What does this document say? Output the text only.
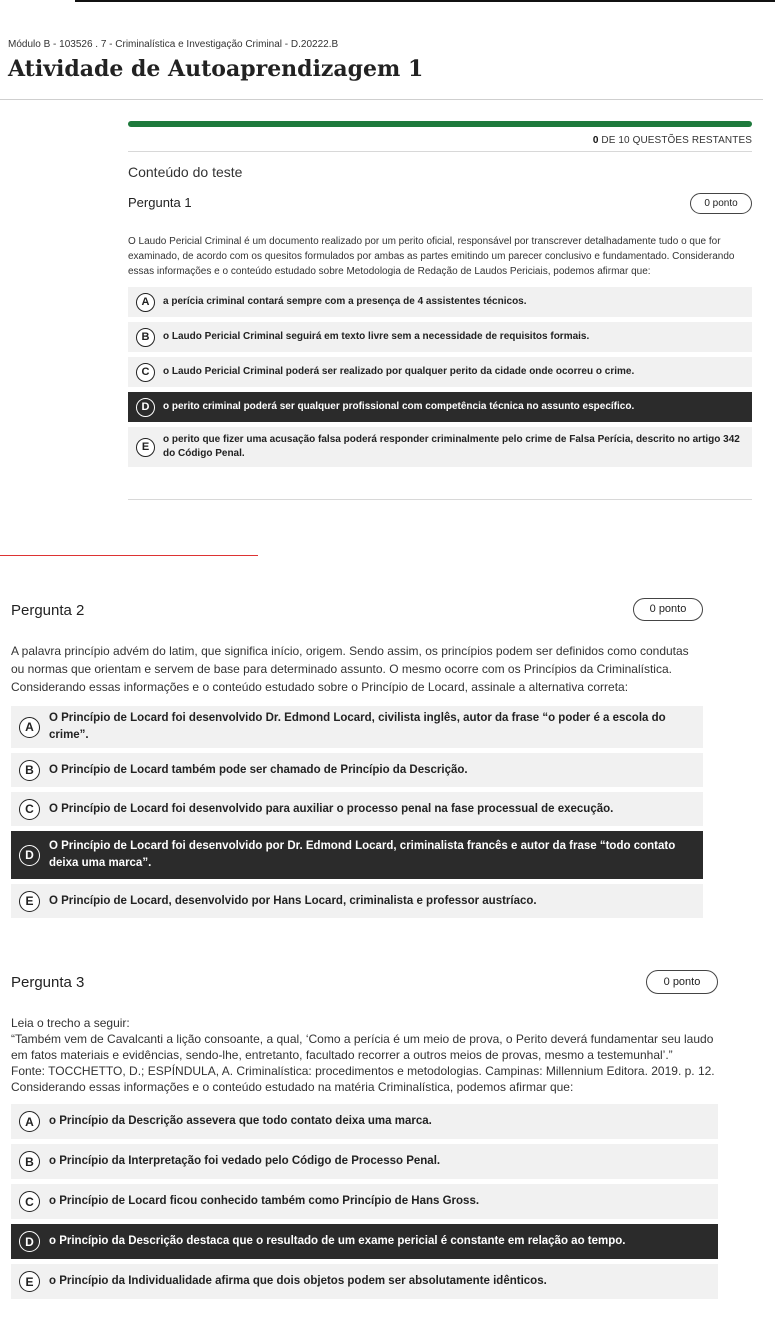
Módulo B - 103526 . 7 - Criminalística e Investigação Criminal - D.20222.B
Atividade de Autoaprendizagem 1
0 DE 10 QUESTÕES RESTANTES
Conteúdo do teste
Pergunta 1	0 ponto

O Laudo Pericial Criminal é um documento realizado por um perito oficial, responsável por transcrever detalhadamente tudo o que for examinado, de acordo com os quesitos formulados por ambas as partes emitindo um parecer conclusivo e fundamentado. Considerando essas informações e o conteúdo estudado sobre Metodologia de Redação de Laudos Periciais, podemos afirmar que:

A	a perícia criminal contará sempre com a presença de 4 assistentes técnicos.
B	o Laudo Pericial Criminal seguirá em texto livre sem a necessidade de requisitos formais.
C	o Laudo Pericial Criminal poderá ser realizado por qualquer perito da cidade onde ocorreu o crime.
D	o perito criminal poderá ser qualquer profissional com competência técnica no assunto específico.
E
o perito que fizer uma acusação falsa poderá responder criminalmente pelo crime de Falsa Perícia, descrito no artigo 342 do Código Penal.
Pergunta 2	0 ponto

A palavra princípio advém do latim, que significa início, origem. Sendo assim, os princípios podem ser definidos como condutas ou normas que orientam e servem de base para determinado assunto. O mesmo ocorre com os Princípios da Criminalística. Considerando essas informações e o conteúdo estudado sobre o Princípio de Locard, assinale a alternativa correta:

A
O Princípio de Locard foi desenvolvido Dr. Edmond Locard, civilista inglês, autor da frase “o poder é a escola do crime”.
B	O Princípio de Locard também pode ser chamado de Princípio da Descrição.
C	O Princípio de Locard foi desenvolvido para auxiliar o processo penal na fase processual de execução.
D
O Princípio de Locard foi desenvolvido por Dr. Edmond Locard, criminalista francês e autor da frase “todo contato deixa uma marca”.
E	O Princípio de Locard, desenvolvido por Hans Locard, criminalista e professor austríaco.
Pergunta 3	0 ponto

Leia o trecho a seguir:

“Também vem de Cavalcanti a lição consoante, a qual, ‘Como a perícia é um meio de prova, o Perito deverá fundamentar seu laudo em fatos materiais e evidências, sendo-lhe, entretanto, facultado recorrer a outros meios de provas, mesmo a testemunhal’.”

Fonte: TOCCHETTO, D.; ESPÍNDULA, A. Criminalística: procedimentos e metodologias. Campinas: Millennium Editora. 2019. p. 12.

Considerando essas informações e o conteúdo estudado na matéria Criminalística, podemos afirmar que:

A	o Princípio da Descrição assevera que todo contato deixa uma marca.
B	o Princípio da Interpretação foi vedado pelo Código de Processo Penal.
C	o Princípio de Locard ficou conhecido também como Princípio de Hans Gross.
D	o Princípio da Descrição destaca que o resultado de um exame pericial é constante em relação ao tempo.
E	o Princípio da Individualidade afirma que dois objetos podem ser absolutamente idênticos.
